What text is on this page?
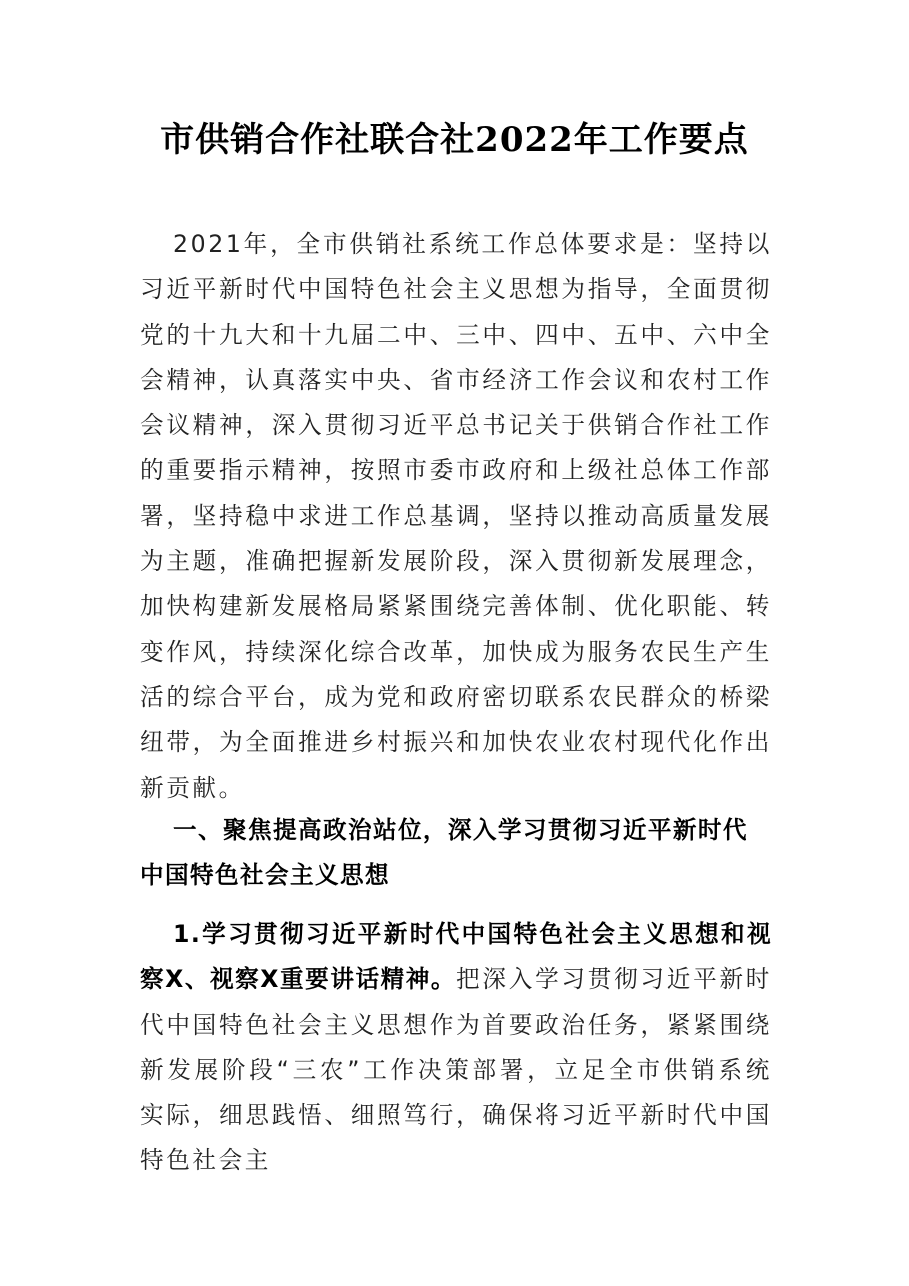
市供销合作社联合社2022年工作要点

2021年，全市供销社系统工作总体要求是：坚持以习近平新时代中国特色社会主义思想为指导，全面贯彻党的十九大和十九届二中、三中、四中、五中、六中全会精神，认真落实中央、省市经济工作会议和农村工作会议精神，深入贯彻习近平总书记关于供销合作社工作的重要指示精神，按照市委市政府和上级社总体工作部署，坚持稳中求进工作总基调，坚持以推动高质量发展为主题，准确把握新发展阶段，深入贯彻新发展理念，加快构建新发展格局紧紧围绕完善体制、优化职能、转变作风，持续深化综合改革，加快成为服务农民生产生活的综合平台，成为党和政府密切联系农民群众的桥梁纽带，为全面推进乡村振兴和加快农业农村现代化作出新贡献。

一、聚焦提高政治站位，深入学习贯彻习近平新时代中国特色社会主义思想

1.学习贯彻习近平新时代中国特色社会主义思想和视察X、视察X重要讲话精神。把深入学习贯彻习近平新时代中国特色社会主义思想作为首要政治任务，紧紧围绕新发展阶段“三农”工作决策部署，立足全市供销系统实际，细思践悟、细照笃行，确保将习近平新时代中国特色社会主
